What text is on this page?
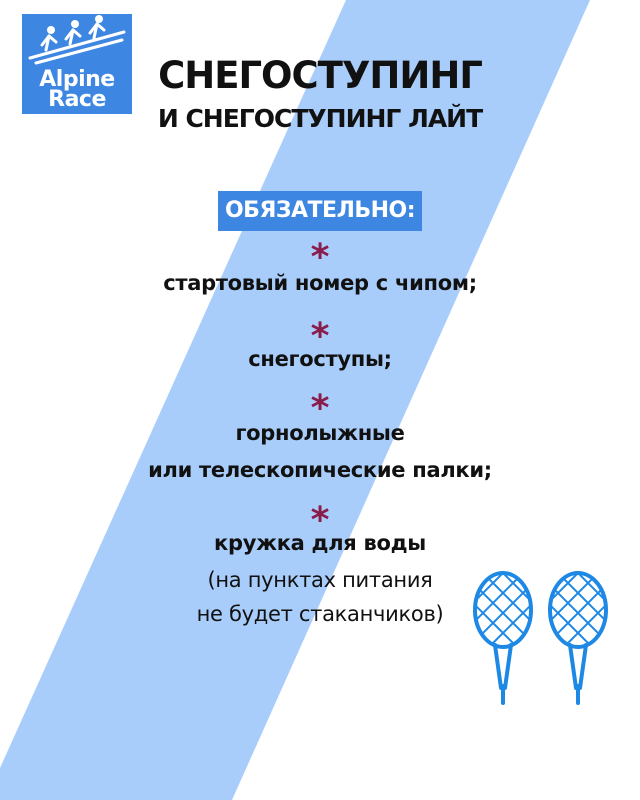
Alpine
Race
СНЕГОСТУПИНГ
И СНЕГОСТУПИНГ ЛАЙТ
ОБЯЗАТЕЛЬНО:
*
стартовый номер с чипом;
*
снегоступы;
*
горнолыжные
или телескопические палки;
*
кружка для воды
(на пунктах питания
не будет стаканчиков)
